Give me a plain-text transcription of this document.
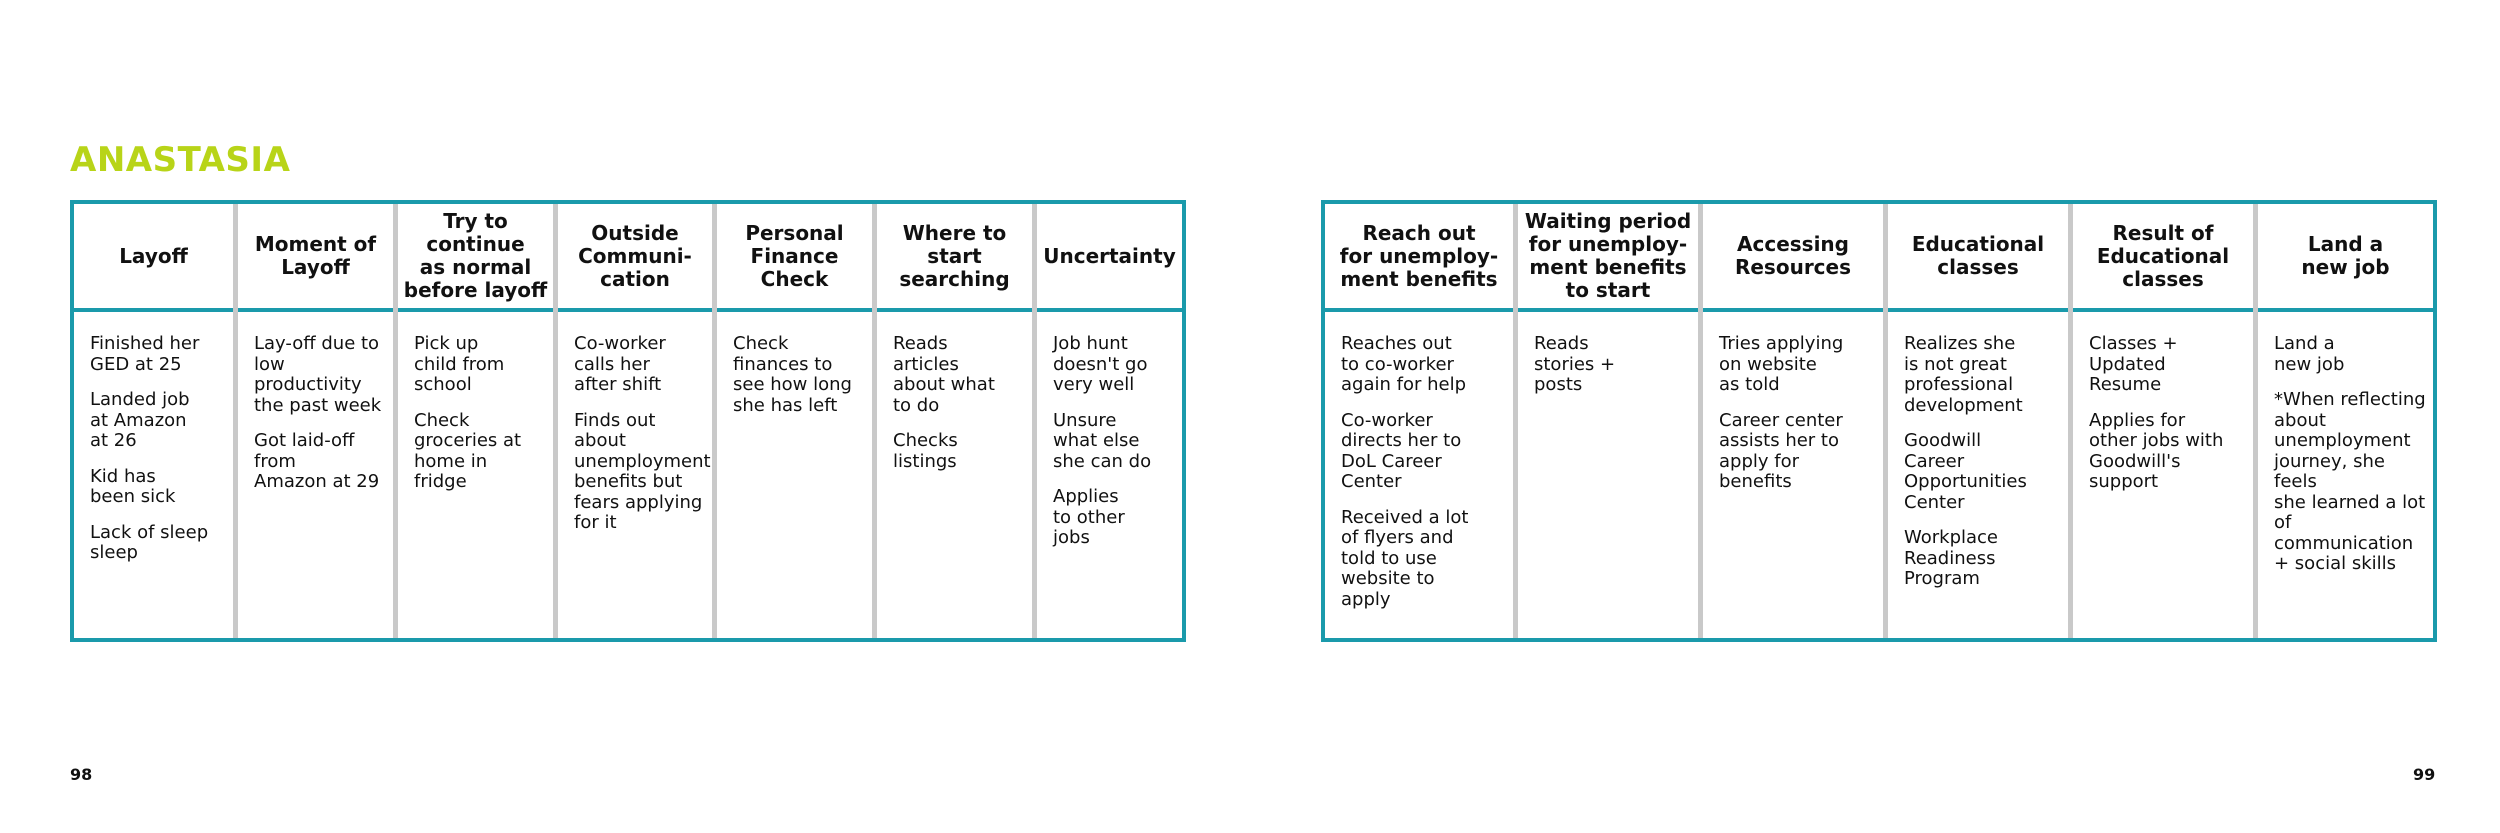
ANASTASIA
Layoff

Finished her
GED at 25

Landed job
at Amazon
at 26

Kid has
been sick

Lack of sleep
sleep

Moment of
Layoff

Lay-off due to
low productivity
the past week

Got laid-off
from
Amazon at 29

Try to continue
as normal
before layoff

Pick up
child from
school

Check
groceries at
home in
fridge

Outside
Communi-
cation

Co-worker
calls her
after shift

Finds out about
unemployment
benefits but
fears applying
for it

Personal
Finance
Check

Check
finances to
see how long
she has left

Where to
start
searching

Reads
articles
about what
to do

Checks
listings

Uncertainty

Job hunt
doesn't go
very well

Unsure
what else
she can do

Applies
to other
jobs

Reach out
for unemploy-
ment benefits

Reaches out
to co-worker
again for help

Co-worker
directs her to
DoL Career
Center

Received a lot
of flyers and
told to use
website to
apply

Waiting period
for unemploy-
ment benefits
to start

Reads
stories +
posts

Accessing
Resources

Tries applying
on website
as told

Career center
assists her to
apply for
benefits

Educational
classes

Realizes she
is not great
professional
development

Goodwill
Career
Opportunities
Center

Workplace
Readiness
Program

Result of
Educational
classes

Classes +
Updated
Resume

Applies for
other jobs with
Goodwill's
support

Land a
new job

Land a
new job

*When reflecting
about
unemployment
journey, she feels
she learned a lot
of communication
+ social skills

98	99
